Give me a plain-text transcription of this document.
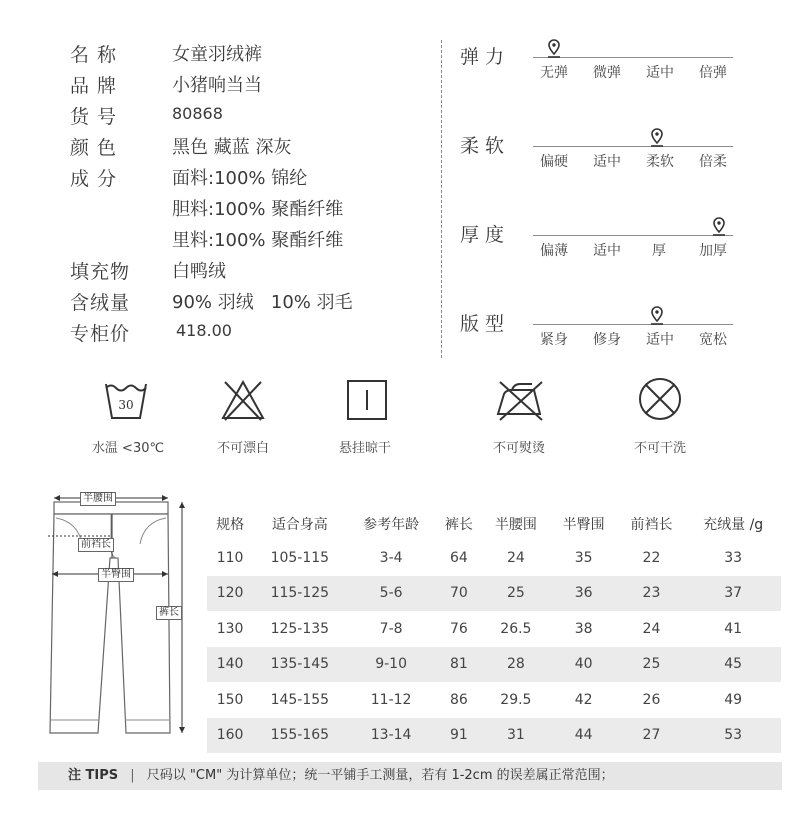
名称	女童羽绒裤
品牌	小猪响当当
货号	80868
颜色	黑色 藏蓝 深灰
成分	面料:100% 锦纶
胆料:100% 聚酯纤维
里料:100% 聚酯纤维
填充物 白鸭绒
含绒量 90% 羽绒   10% 羽毛
专柜价	418.00
弹力
无弹 微弹 适中 倍弹
柔软
偏硬 适中 柔软 倍柔
厚度
偏薄 适中 厚 加厚
版型
紧身 修身 适中 宽松
30
水温 <30℃	不可漂白	悬挂晾干	不可熨烫	不可干洗
半腰围
前裆长
半臀围
裤长
规格	适合身高	参考年龄	裤长	半腰围	半臀围	前裆长	充绒量 /g
110	105-115	3-4	64	24	35	22	33
120	115-125	5-6	70	25	36	23	37
130	125-135	7-8	76	26.5	38	24	41
140	135-145	9-10	81	28	40	25	45
150	145-155	11-12	86	29.5	42	26	49
160	155-165	13-14	91	31	44	27	53
注 TIPS | 尺码以 "CM" 为计算单位；统一平铺手工测量，若有 1-2cm 的误差属正常范围；
